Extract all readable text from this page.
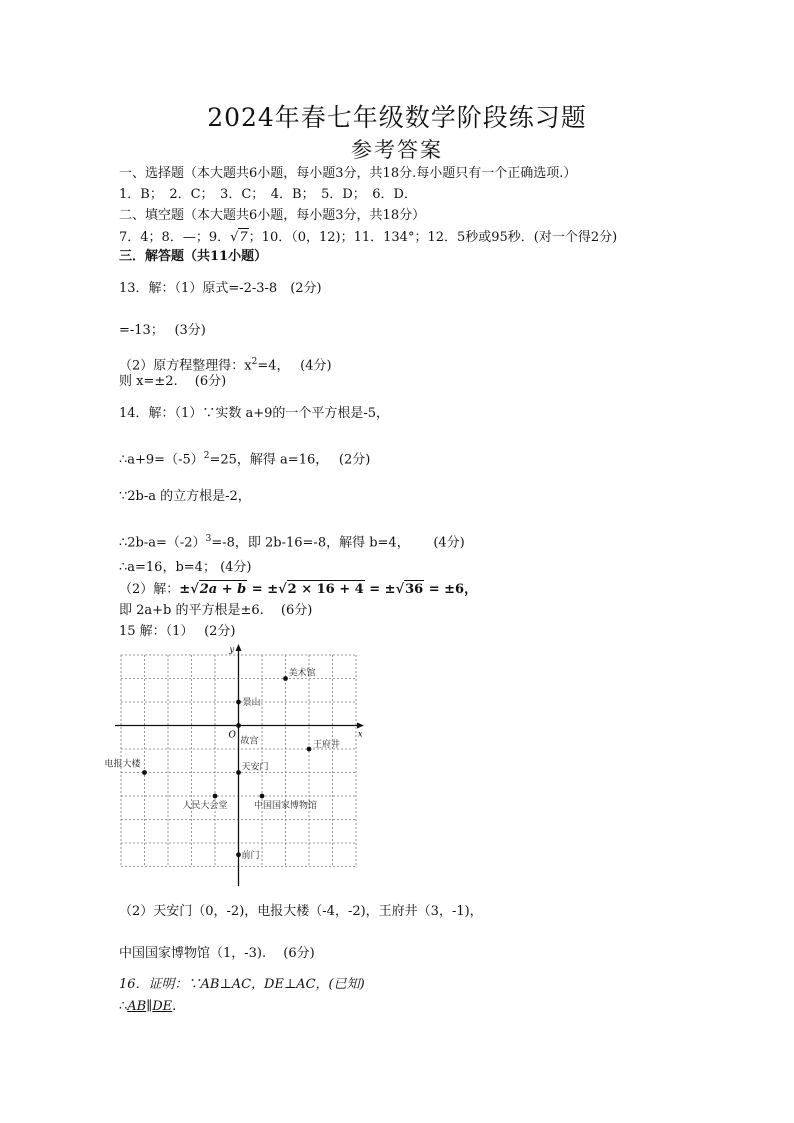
2024年春七年级数学阶段练习题
参考答案
一、选择题（本大题共6小题，每小题3分，共18分.每小题只有一个正确选项.）
1．B；　2．C；　3．C；　4．B；　5．D；　6．D．
二、填空题（本大题共6小题，每小题3分，共18分）
7．4；8．—；9．√7；10．（0，12)；11．134°；12．5秒或95秒．(对一个得2分)
三．解答题（共11小题）
13．解：（1）原式=-2-3-8　(2分)
=-13；　 (3分)
（2）原方程整理得：$x^2=4$，　 (4分)
则 x=±2.　 (6分)
14．解：（1）∵实数 a+9的一个平方根是-5，
$\therefore a+9=(-5)^2=25$，解得 a=16，　 (2分)
∵2b-a 的立方根是-2，
$\therefore 2b-a=(-2)^3=-8$，即 2b-16=-8，解得 b=4，　　 (4分)
∴a=16，b=4； (4分)
（2）解：±√2a + b = ±√2 × 16 + 4 = ±√36 = ±6，
即 2a+b 的平方根是±6.　 (6分)
15 解：（1）　 (2分)
x
y
O
美术馆
景山
故宫	王府井
电报大楼	天安门
人民大会堂	中国国家博物馆
前门
（2）天安门（0，-2)，电报大楼（-4，-2)，王府井（3，-1)，
中国国家博物馆（1，-3).　 (6分)
16．证明：∵AB⊥AC，DE⊥AC，(已知)
∴AB∥DE.
